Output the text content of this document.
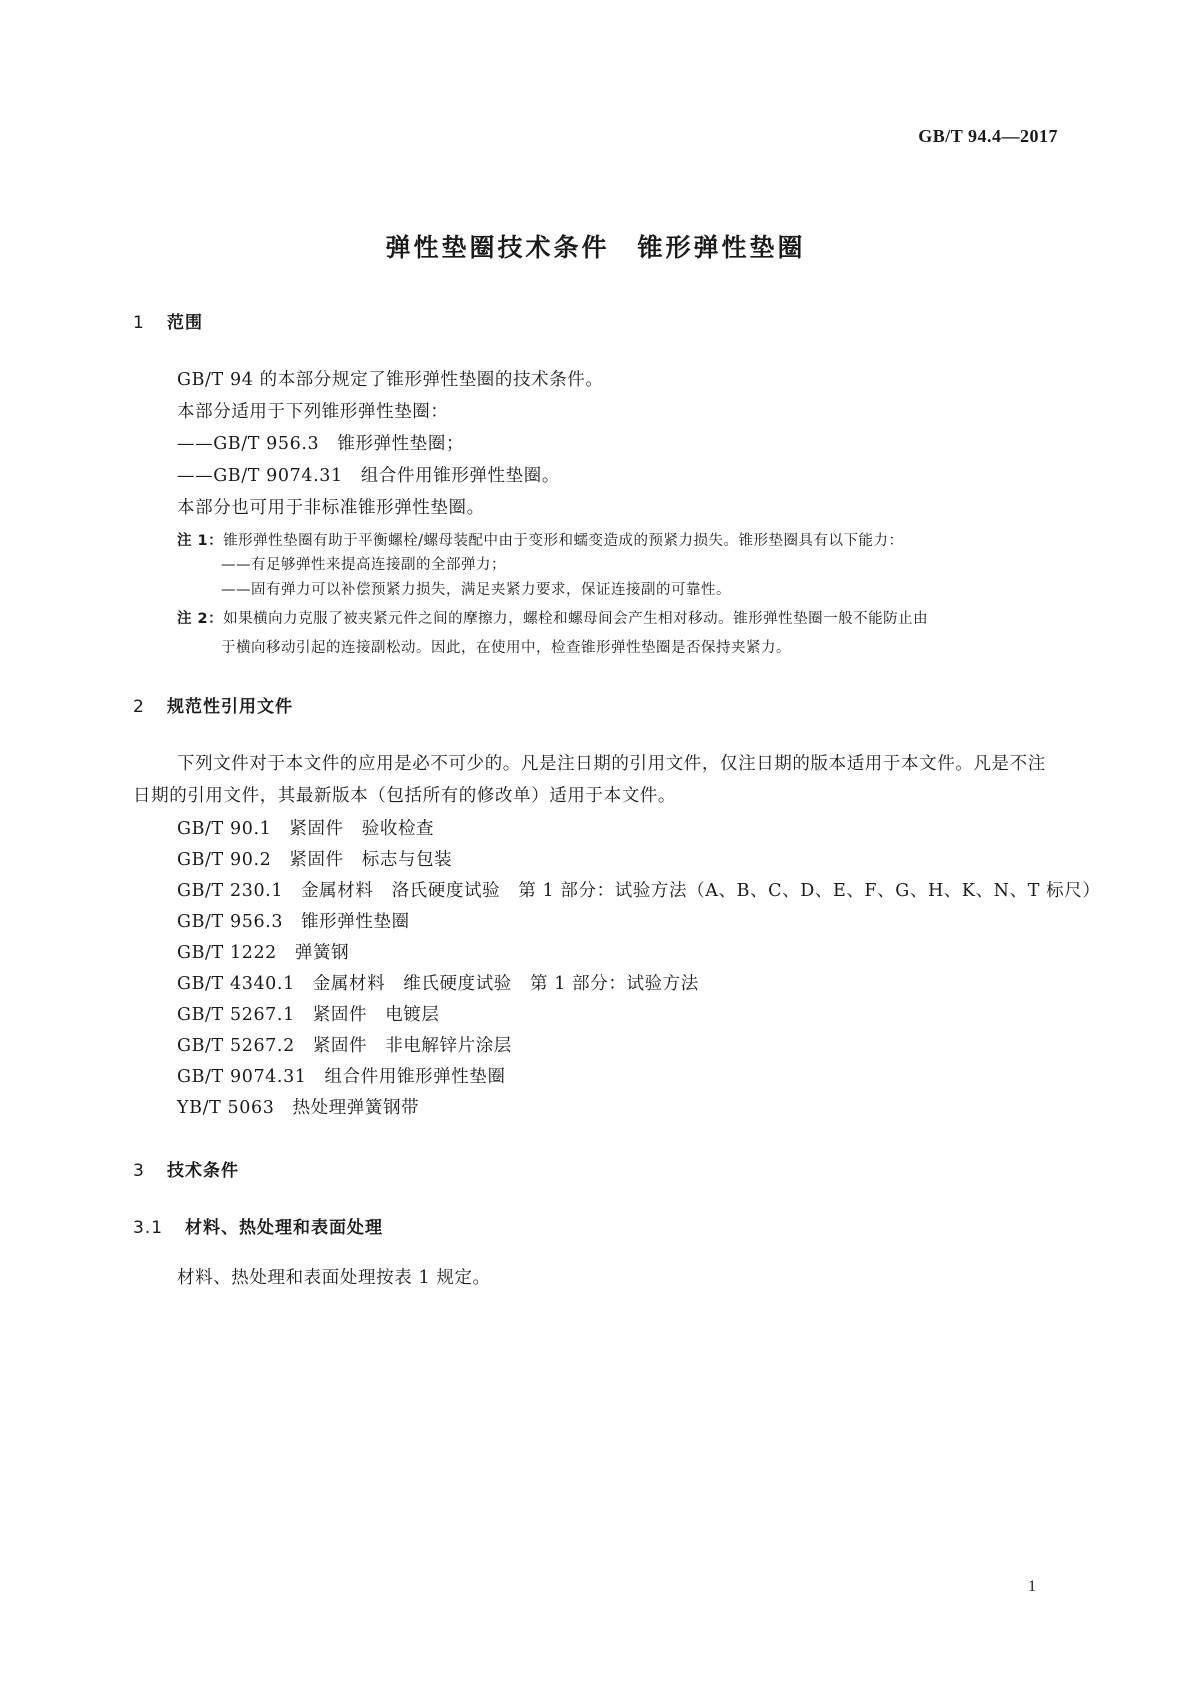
GB/T 94.4—2017
弹性垫圈技术条件　锥形弹性垫圈
1 范围
GB/T 94 的本部分规定了锥形弹性垫圈的技术条件。
本部分适用于下列锥形弹性垫圈：
——GB/T 956.3　锥形弹性垫圈；
——GB/T 9074.31　组合件用锥形弹性垫圈。
本部分也可用于非标准锥形弹性垫圈。
注 1：锥形弹性垫圈有助于平衡螺栓/螺母装配中由于变形和蠕变造成的预紧力损失。锥形垫圈具有以下能力：
——有足够弹性来提高连接副的全部弹力；
——固有弹力可以补偿预紧力损失，满足夹紧力要求，保证连接副的可靠性。
注 2：如果横向力克服了被夹紧元件之间的摩擦力，螺栓和螺母间会产生相对移动。锥形弹性垫圈一般不能防止由
于横向移动引起的连接副松动。因此，在使用中，检查锥形弹性垫圈是否保持夹紧力。
2 规范性引用文件
下列文件对于本文件的应用是必不可少的。凡是注日期的引用文件，仅注日期的版本适用于本文件。凡是不注日期的引用文件，其最新版本（包括所有的修改单）适用于本文件。
GB/T 90.1 紧固件　验收检查
GB/T 90.2 紧固件　标志与包装
GB/T 230.1 金属材料　洛氏硬度试验　第 1 部分：试验方法（A、B、C、D、E、F、G、H、K、N、T 标尺）
GB/T 956.3 锥形弹性垫圈
GB/T 1222 弹簧钢
GB/T 4340.1 金属材料　维氏硬度试验　第 1 部分：试验方法
GB/T 5267.1 紧固件　电镀层
GB/T 5267.2 紧固件　非电解锌片涂层
GB/T 9074.31 组合件用锥形弹性垫圈
YB/T 5063 热处理弹簧钢带
3 技术条件
3.1 材料、热处理和表面处理
材料、热处理和表面处理按表 1 规定。
1
